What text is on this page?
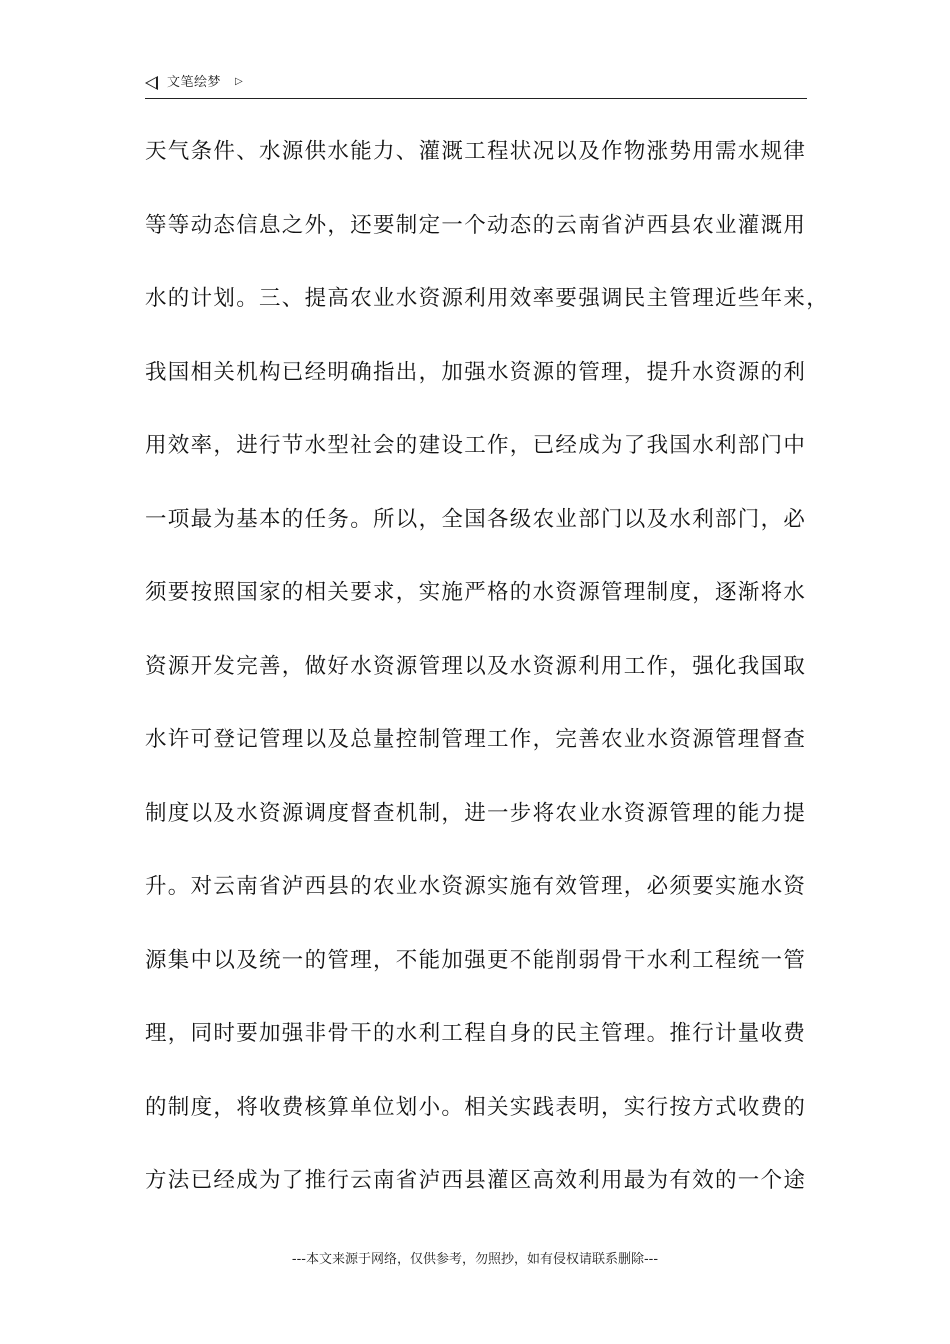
文笔绘梦 ▷
天气条件、水源供水能力、灌溉工程状况以及作物涨势用需水规律
等等动态信息之外，还要制定一个动态的云南省泸西县农业灌溉用
水的计划。三、提高农业水资源利用效率要强调民主管理近些年来，
我国相关机构已经明确指出，加强水资源的管理，提升水资源的利
用效率，进行节水型社会的建设工作，已经成为了我国水利部门中
一项最为基本的任务。所以，全国各级农业部门以及水利部门，必
须要按照国家的相关要求，实施严格的水资源管理制度，逐渐将水
资源开发完善，做好水资源管理以及水资源利用工作，强化我国取
水许可登记管理以及总量控制管理工作，完善农业水资源管理督查
制度以及水资源调度督查机制，进一步将农业水资源管理的能力提
升。对云南省泸西县的农业水资源实施有效管理，必须要实施水资
源集中以及统一的管理，不能加强更不能削弱骨干水利工程统一管
理，同时要加强非骨干的水利工程自身的民主管理。推行计量收费
的制度，将收费核算单位划小。相关实践表明，实行按方式收费的
方法已经成为了推行云南省泸西县灌区高效利用最为有效的一个途
---本文来源于网络，仅供参考，勿照抄，如有侵权请联系删除---
